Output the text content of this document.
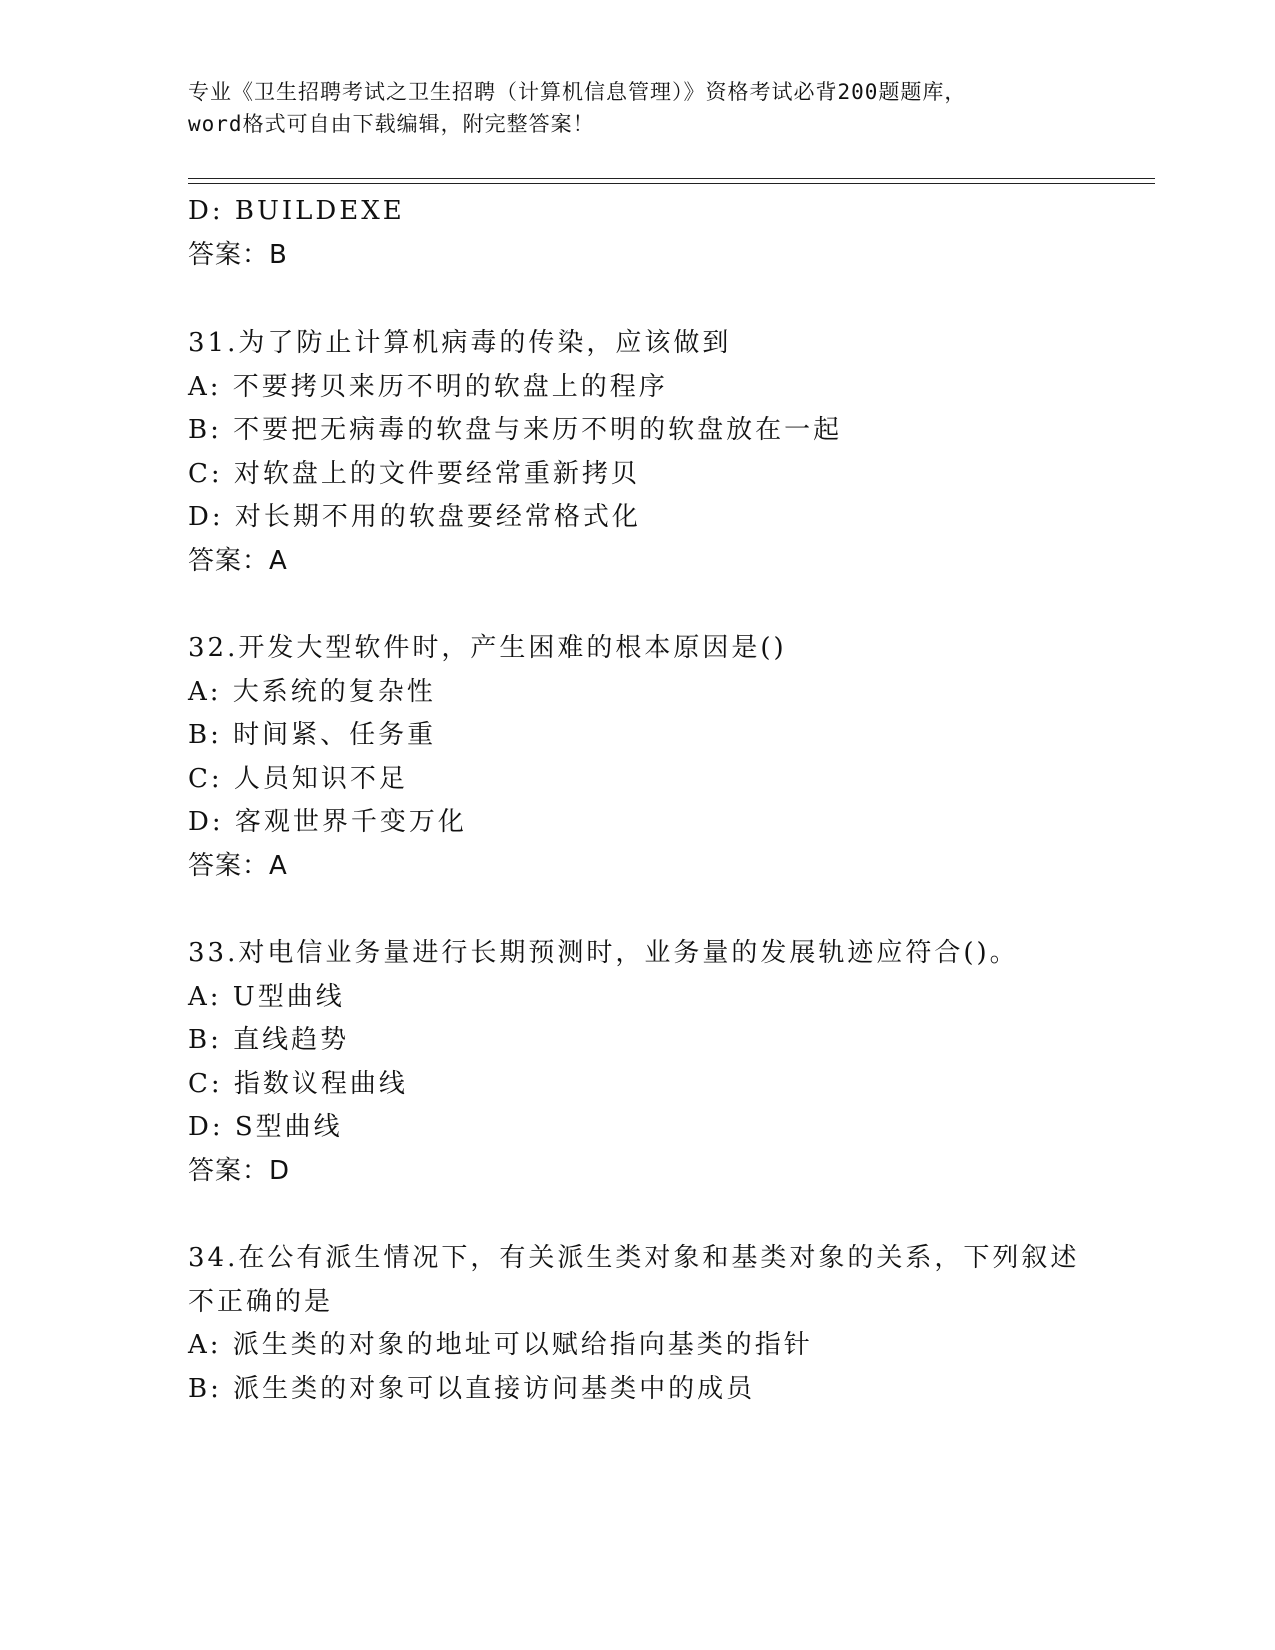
专业《卫生招聘考试之卫生招聘（计算机信息管理）》资格考试必背200题题库，
word格式可自由下载编辑，附完整答案！
D: BUILDEXE
答案：B
31.为了防止计算机病毒的传染，应该做到
A: 不要拷贝来历不明的软盘上的程序
B: 不要把无病毒的软盘与来历不明的软盘放在一起
C: 对软盘上的文件要经常重新拷贝
D: 对长期不用的软盘要经常格式化
答案：A
32.开发大型软件时，产生困难的根本原因是()
A: 大系统的复杂性
B: 时间紧、任务重
C: 人员知识不足
D: 客观世界千变万化
答案：A
33.对电信业务量进行长期预测时，业务量的发展轨迹应符合()。
A: U型曲线
B: 直线趋势
C: 指数议程曲线
D: S型曲线
答案：D
34.在公有派生情况下，有关派生类对象和基类对象的关系，下列叙述
不正确的是
A: 派生类的对象的地址可以赋给指向基类的指针
B: 派生类的对象可以直接访问基类中的成员
